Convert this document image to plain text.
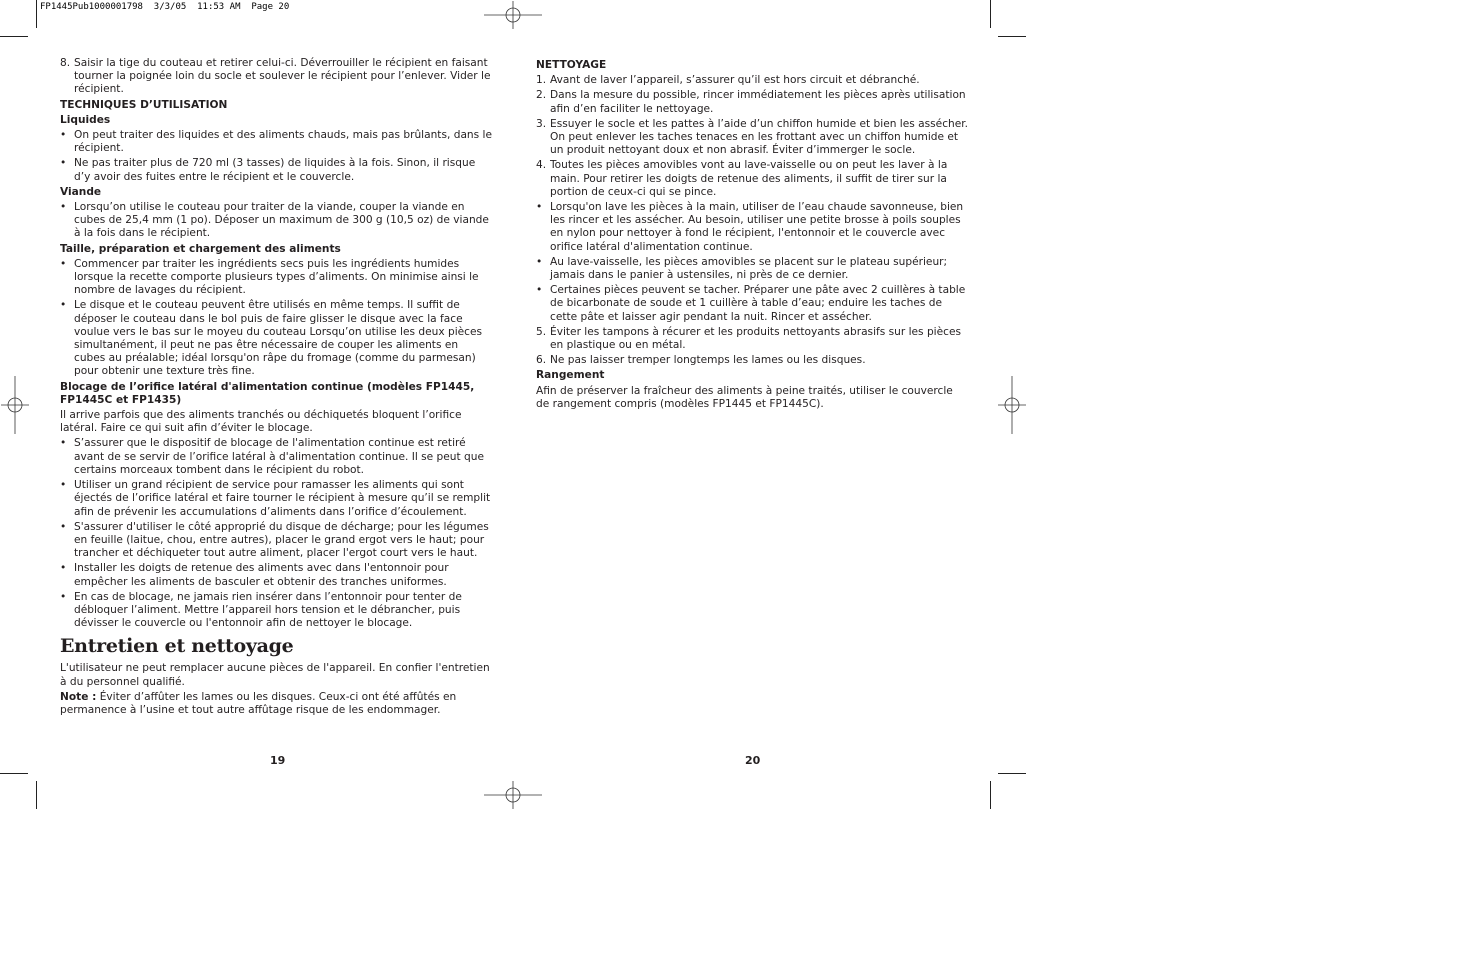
FP1445Pub1000001798  3/3/05  11:53 AM  Page 20
8. Saisir la tige du couteau et retirer celui-ci. Déverrouiller le récipient en faisant tourner la poignée loin du socle et soulever le récipient pour l’enlever. Vider le récipient.
TECHNIQUES D’UTILISATION
Liquides
• On peut traiter des liquides et des aliments chauds, mais pas brûlants, dans le récipient.
• Ne pas traiter plus de 720 ml (3 tasses) de liquides à la fois. Sinon, il risque d’y avoir des fuites entre le récipient et le couvercle.
Viande
• Lorsqu’on utilise le couteau pour traiter de la viande, couper la viande en cubes de 25,4 mm (1 po). Déposer un maximum de 300 g (10,5 oz) de viande à la fois dans le récipient.
Taille, préparation et chargement des aliments
• Commencer par traiter les ingrédients secs puis les ingrédients humides lorsque la recette comporte plusieurs types d’aliments. On minimise ainsi le nombre de lavages du récipient.
• Le disque et le couteau peuvent être utilisés en même temps. Il suffit de déposer le couteau dans le bol puis de faire glisser le disque avec la face voulue vers le bas sur le moyeu du couteau Lorsqu’on utilise les deux pièces simultanément, il peut ne pas être nécessaire de couper les aliments en cubes au préalable; idéal lorsqu'on râpe du fromage (comme du parmesan) pour obtenir une texture très fine.
Blocage de l’orifice latéral d'alimentation continue (modèles FP1445, FP1445C et FP1435)

Il arrive parfois que des aliments tranchés ou déchiquetés bloquent l’orifice latéral. Faire ce qui suit afin d’éviter le blocage.

• S’assurer que le dispositif de blocage de l'alimentation continue est retiré avant de se servir de l’orifice latéral à d'alimentation continue. Il se peut que certains morceaux tombent dans le récipient du robot.
• Utiliser un grand récipient de service pour ramasser les aliments qui sont éjectés de l’orifice latéral et faire tourner le récipient à mesure qu’il se remplit afin de prévenir les accumulations d’aliments dans l’orifice d’écoulement.
• S'assurer d'utiliser le côté approprié du disque de décharge; pour les légumes en feuille (laitue, chou, entre autres), placer le grand ergot vers le haut; pour trancher et déchiqueter tout autre aliment, placer l'ergot court vers le haut.
• Installer les doigts de retenue des aliments avec dans l'entonnoir pour empêcher les aliments de basculer et obtenir des tranches uniformes.
• En cas de blocage, ne jamais rien insérer dans l’entonnoir pour tenter de débloquer l’aliment. Mettre l’appareil hors tension et le débrancher, puis dévisser le couvercle ou l'entonnoir afin de nettoyer le blocage.
Entretien et nettoyage

L'utilisateur ne peut remplacer aucune pièces de l'appareil. En confier l'entretien à du personnel qualifié.

Note : Éviter d’affûter les lames ou les disques. Ceux-ci ont été affûtés en permanence à l’usine et tout autre affûtage risque de les endommager.

19
NETTOYAGE
1. Avant de laver l’appareil, s’assurer qu’il est hors circuit et débranché.
2. Dans la mesure du possible, rincer immédiatement les pièces après utilisation afin d’en faciliter le nettoyage.
3. Essuyer le socle et les pattes à l’aide d’un chiffon humide et bien les assécher. On peut enlever les taches tenaces en les frottant avec un chiffon humide et un produit nettoyant doux et non abrasif. Éviter d’immerger le socle.
4. Toutes les pièces amovibles vont au lave-vaisselle ou on peut les laver à la main. Pour retirer les doigts de retenue des aliments, il suffit de tirer sur la portion de ceux-ci qui se pince.
• Lorsqu'on lave les pièces à la main, utiliser de l’eau chaude savonneuse, bien les rincer et les assécher. Au besoin, utiliser une petite brosse à poils souples en nylon pour nettoyer à fond le récipient, l'entonnoir et le couvercle avec orifice latéral d'alimentation continue.
• Au lave-vaisselle, les pièces amovibles se placent sur le plateau supérieur; jamais dans le panier à ustensiles, ni près de ce dernier.
• Certaines pièces peuvent se tacher. Préparer une pâte avec 2 cuillères à table de bicarbonate de soude et 1 cuillère à table d’eau; enduire les taches de cette pâte et laisser agir pendant la nuit. Rincer et assécher.
5. Éviter les tampons à récurer et les produits nettoyants abrasifs sur les pièces en plastique ou en métal.
6. Ne pas laisser tremper longtemps les lames ou les disques.
Rangement

Afin de préserver la fraîcheur des aliments à peine traités, utiliser le couvercle de rangement compris (modèles FP1445 et FP1445C).

20
